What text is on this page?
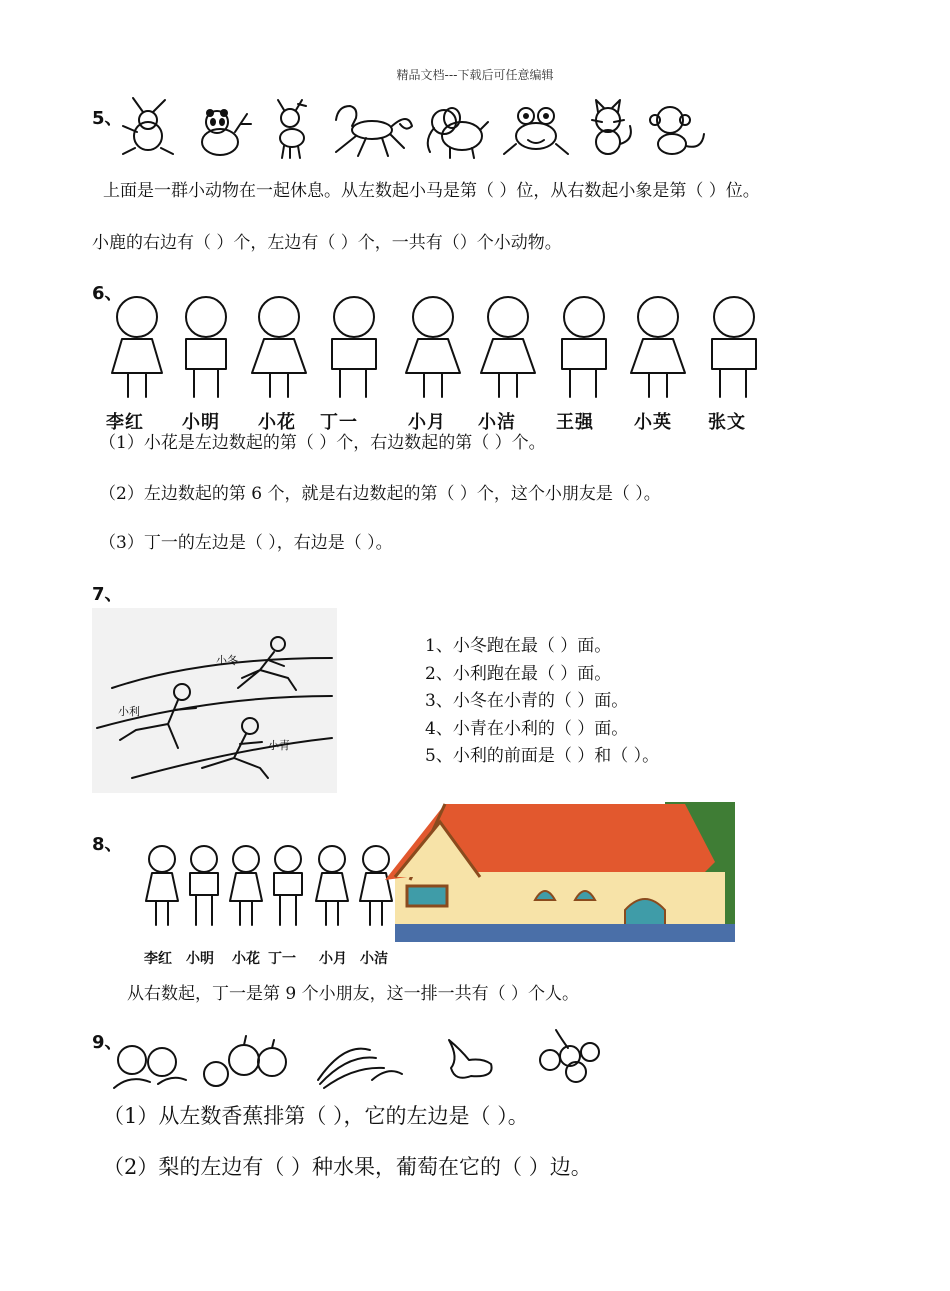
精品文档---下载后可任意编辑
5、
上面是一群小动物在一起休息。从左数起小马是第（ ）位，从右数起小象是第（ ）位。
小鹿的右边有（ ）个，左边有（ ）个，一共有（）个小动物。
6、
李红 小明 小花 丁一	小月 小洁 王强 小英 张文
（1）小花是左边数起的第（ ）个，右边数起的第（ ）个。
（2）左边数起的第 6 个，就是右边数起的第（ ）个，这个小朋友是（ ）。
（3）丁一的左边是（ ），右边是（ ）。
7、
小冬
小利
小青
1、小冬跑在最（ ）面。
2、小利跑在最（ ）面。
3、小冬在小青的（ ）面。
4、小青在小利的（ ）面。
5、小利的前面是（ ）和（ ）。
8、
李红 小明 小花 丁一 小月 小洁
从右数起，丁一是第 9 个小朋友，这一排一共有（ ）个人。
9、
（1）从左数香蕉排第（ ），它的左边是（ ）。
（2）梨的左边有（ ）种水果，葡萄在它的（ ）边。
